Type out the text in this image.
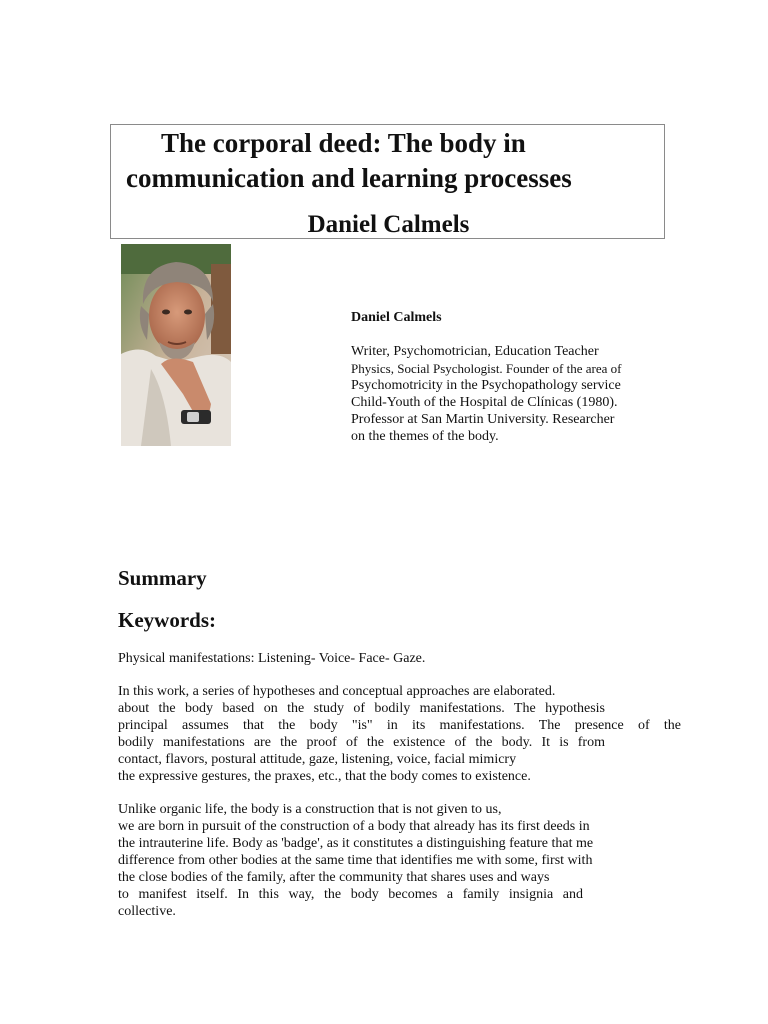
The corporal deed: The body in
communication and learning processes
Daniel Calmels
Daniel Calmels
Writer, Psychomotrician, Education Teacher
Physics, Social Psychologist. Founder of the area of
Psychomotricity in the Psychopathology service
Child-Youth of the Hospital de Clínicas (1980).
Professor at San Martin University. Researcher
on the themes of the body.
Summary
Keywords:
Physical manifestations: Listening- Voice- Face- Gaze.
In this work, a series of hypotheses and conceptual approaches are elaborated.
about the body based on the study of bodily manifestations. The hypothesis
principal assumes that the body "is" in its manifestations. The presence of the
bodily manifestations are the proof of the existence of the body. It is from
contact, flavors, postural attitude, gaze, listening, voice, facial mimicry
the expressive gestures, the praxes, etc., that the body comes to existence.
Unlike organic life, the body is a construction that is not given to us,
we are born in pursuit of the construction of a body that already has its first deeds in
the intrauterine life. Body as 'badge', as it constitutes a distinguishing feature that me
difference from other bodies at the same time that identifies me with some, first with
the close bodies of the family, after the community that shares uses and ways
to manifest itself. In this way, the body becomes a family insignia and
collective.
